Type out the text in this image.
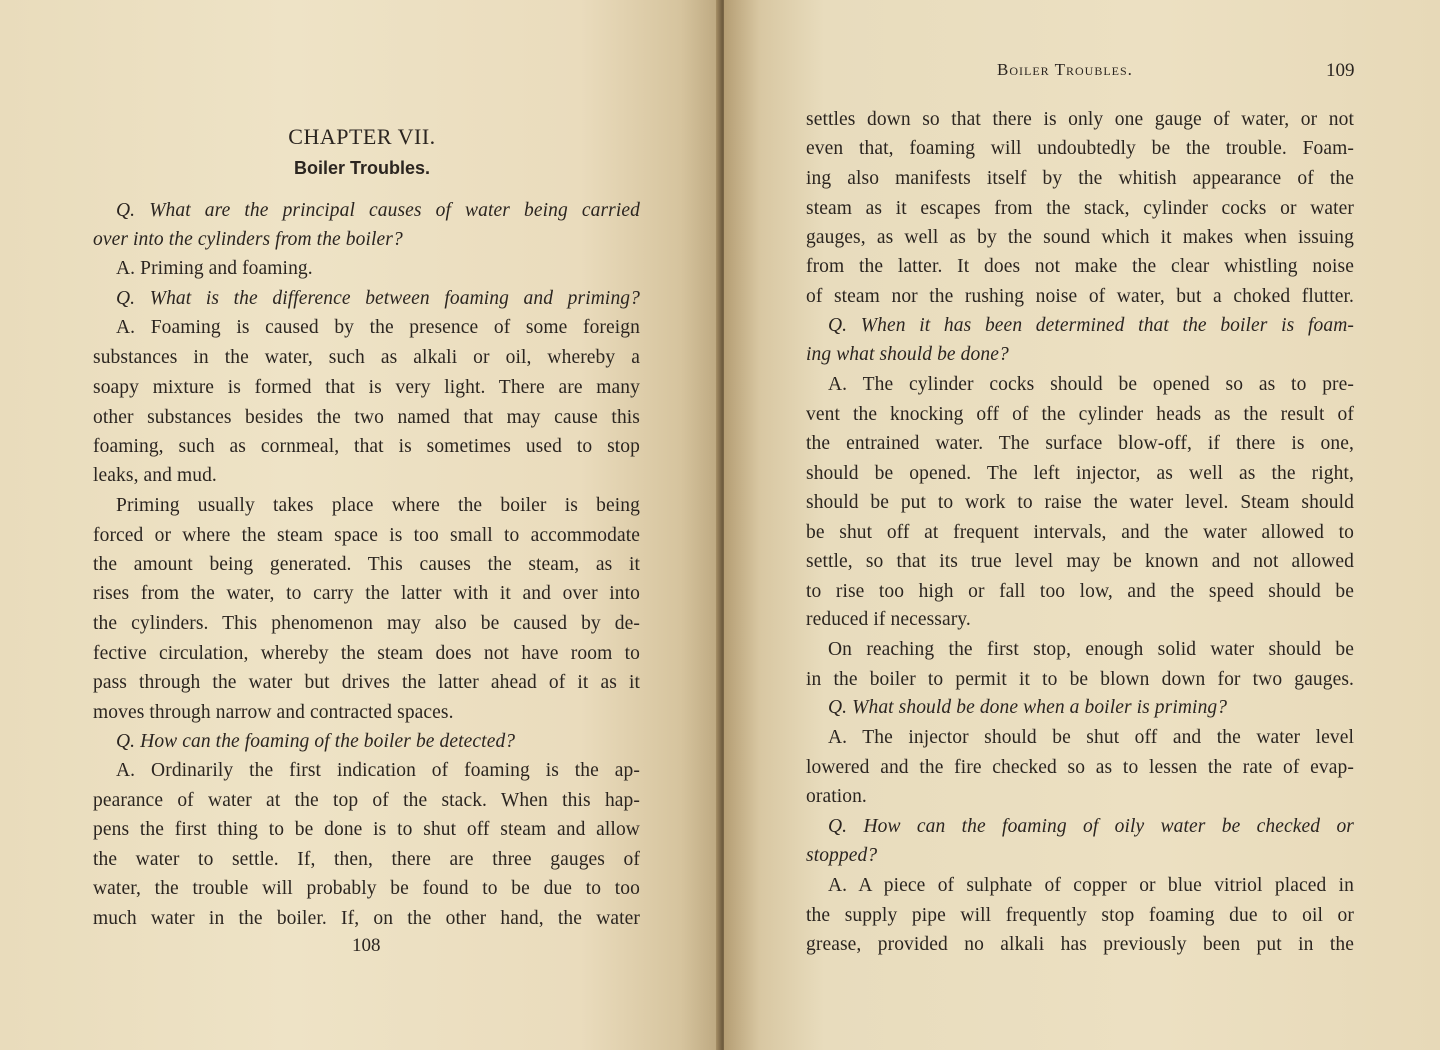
CHAPTER VII.
Boiler Troubles.
Q. What are the principal causes of water being carried
over into the cylinders from the boiler?
A. Priming and foaming.
Q. What is the difference between foaming and priming?
A. Foaming is caused by the presence of some foreign
substances in the water, such as alkali or oil, whereby a
soapy mixture is formed that is very light. There are many
other substances besides the two named that may cause this
foaming, such as cornmeal, that is sometimes used to stop
leaks, and mud.
Priming usually takes place where the boiler is being
forced or where the steam space is too small to accommodate
the amount being generated. This causes the steam, as it
rises from the water, to carry the latter with it and over into
the cylinders. This phenomenon may also be caused by de-
fective circulation, whereby the steam does not have room to
pass through the water but drives the latter ahead of it as it
moves through narrow and contracted spaces.
Q. How can the foaming of the boiler be detected?
A. Ordinarily the first indication of foaming is the ap-
pearance of water at the top of the stack. When this hap-
pens the first thing to be done is to shut off steam and allow
the water to settle. If, then, there are three gauges of
water, the trouble will probably be found to be due to too
much water in the boiler. If, on the other hand, the water
108
Boiler Troubles.	109
settles down so that there is only one gauge of water, or not
even that, foaming will undoubtedly be the trouble. Foam-
ing also manifests itself by the whitish appearance of the
steam as it escapes from the stack, cylinder cocks or water
gauges, as well as by the sound which it makes when issuing
from the latter. It does not make the clear whistling noise
of steam nor the rushing noise of water, but a choked flutter.
Q. When it has been determined that the boiler is foam-
ing what should be done?
A. The cylinder cocks should be opened so as to pre-
vent the knocking off of the cylinder heads as the result of
the entrained water. The surface blow-off, if there is one,
should be opened. The left injector, as well as the right,
should be put to work to raise the water level. Steam should
be shut off at frequent intervals, and the water allowed to
settle, so that its true level may be known and not allowed
to rise too high or fall too low, and the speed should be
reduced if necessary.
On reaching the first stop, enough solid water should be
in the boiler to permit it to be blown down for two gauges.
Q. What should be done when a boiler is priming?
A. The injector should be shut off and the water level
lowered and the fire checked so as to lessen the rate of evap-
oration.
Q. How can the foaming of oily water be checked or
stopped?
A. A piece of sulphate of copper or blue vitriol placed in
the supply pipe will frequently stop foaming due to oil or
grease, provided no alkali has previously been put in the
